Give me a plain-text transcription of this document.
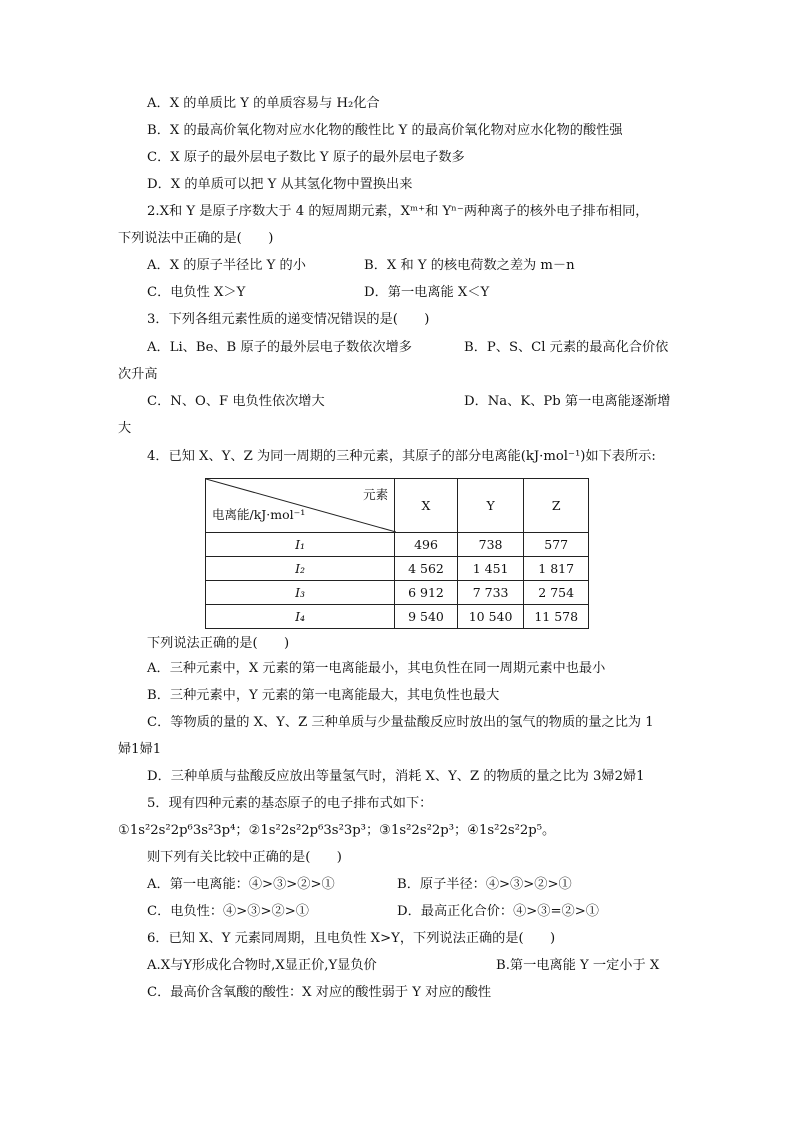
A．X 的单质比 Y 的单质容易与 H₂化合
B．X 的最高价氧化物对应水化物的酸性比 Y 的最高价氧化物对应水化物的酸性强
C．X 原子的最外层电子数比 Y 原子的最外层电子数多
D．X 的单质可以把 Y 从其氢化物中置换出来
2.X和 Y 是原子序数大于 4 的短周期元素，Xᵐ⁺和 Yⁿ⁻两种离子的核外电子排布相同，
下列说法中正确的是(　　)
A．X 的原子半径比 Y 的小	B．X 和 Y 的核电荷数之差为 m－n
C．电负性 X＞Y	D．第一电离能 X＜Y
3．下列各组元素性质的递变情况错误的是(　　)
A．Li、Be、B 原子的最外层电子数依次增多	B．P、S、Cl 元素的最高化合价依
次升高
C．N、O、F 电负性依次增大	D．Na、K、Pb 第一电离能逐渐增
大
4．已知 X、Y、Z 为同一周期的三种元素，其原子的部分电离能(kJ·mol⁻¹)如下表所示:
元素
电离能/kJ·mol⁻¹	X	Y	Z
I₁	496	738	577
I₂	4 562	1 451	1 817
I₃	6 912	7 733	2 754
I₄	9 540	10 540	11 578
下列说法正确的是(　　)
A．三种元素中，X 元素的第一电离能最小，其电负性在同一周期元素中也最小
B．三种元素中，Y 元素的第一电离能最大，其电负性也最大
C．等物质的量的 X、Y、Z 三种单质与少量盐酸反应时放出的氢气的物质的量之比为 1
婦1婦1
D．三种单质与盐酸反应放出等量氢气时，消耗 X、Y、Z 的物质的量之比为 3婦2婦1
5．现有四种元素的基态原子的电子排布式如下：
①1s²2s²2p⁶3s²3p⁴；②1s²2s²2p⁶3s²3p³；③1s²2s²2p³；④1s²2s²2p⁵。
则下列有关比较中正确的是(　　)
A．第一电离能：④>③>②>①	B．原子半径：④>③>②>①
C．电负性：④>③>②>①	D．最高正化合价：④>③=②>①
6．已知 X、Y 元素同周期，且电负性 X>Y，下列说法正确的是(　　)
A.X与Y形成化合物时,X显正价,Y显负价	B.第一电离能 Y 一定小于 X
C．最高价含氧酸的酸性：X 对应的酸性弱于 Y 对应的酸性
